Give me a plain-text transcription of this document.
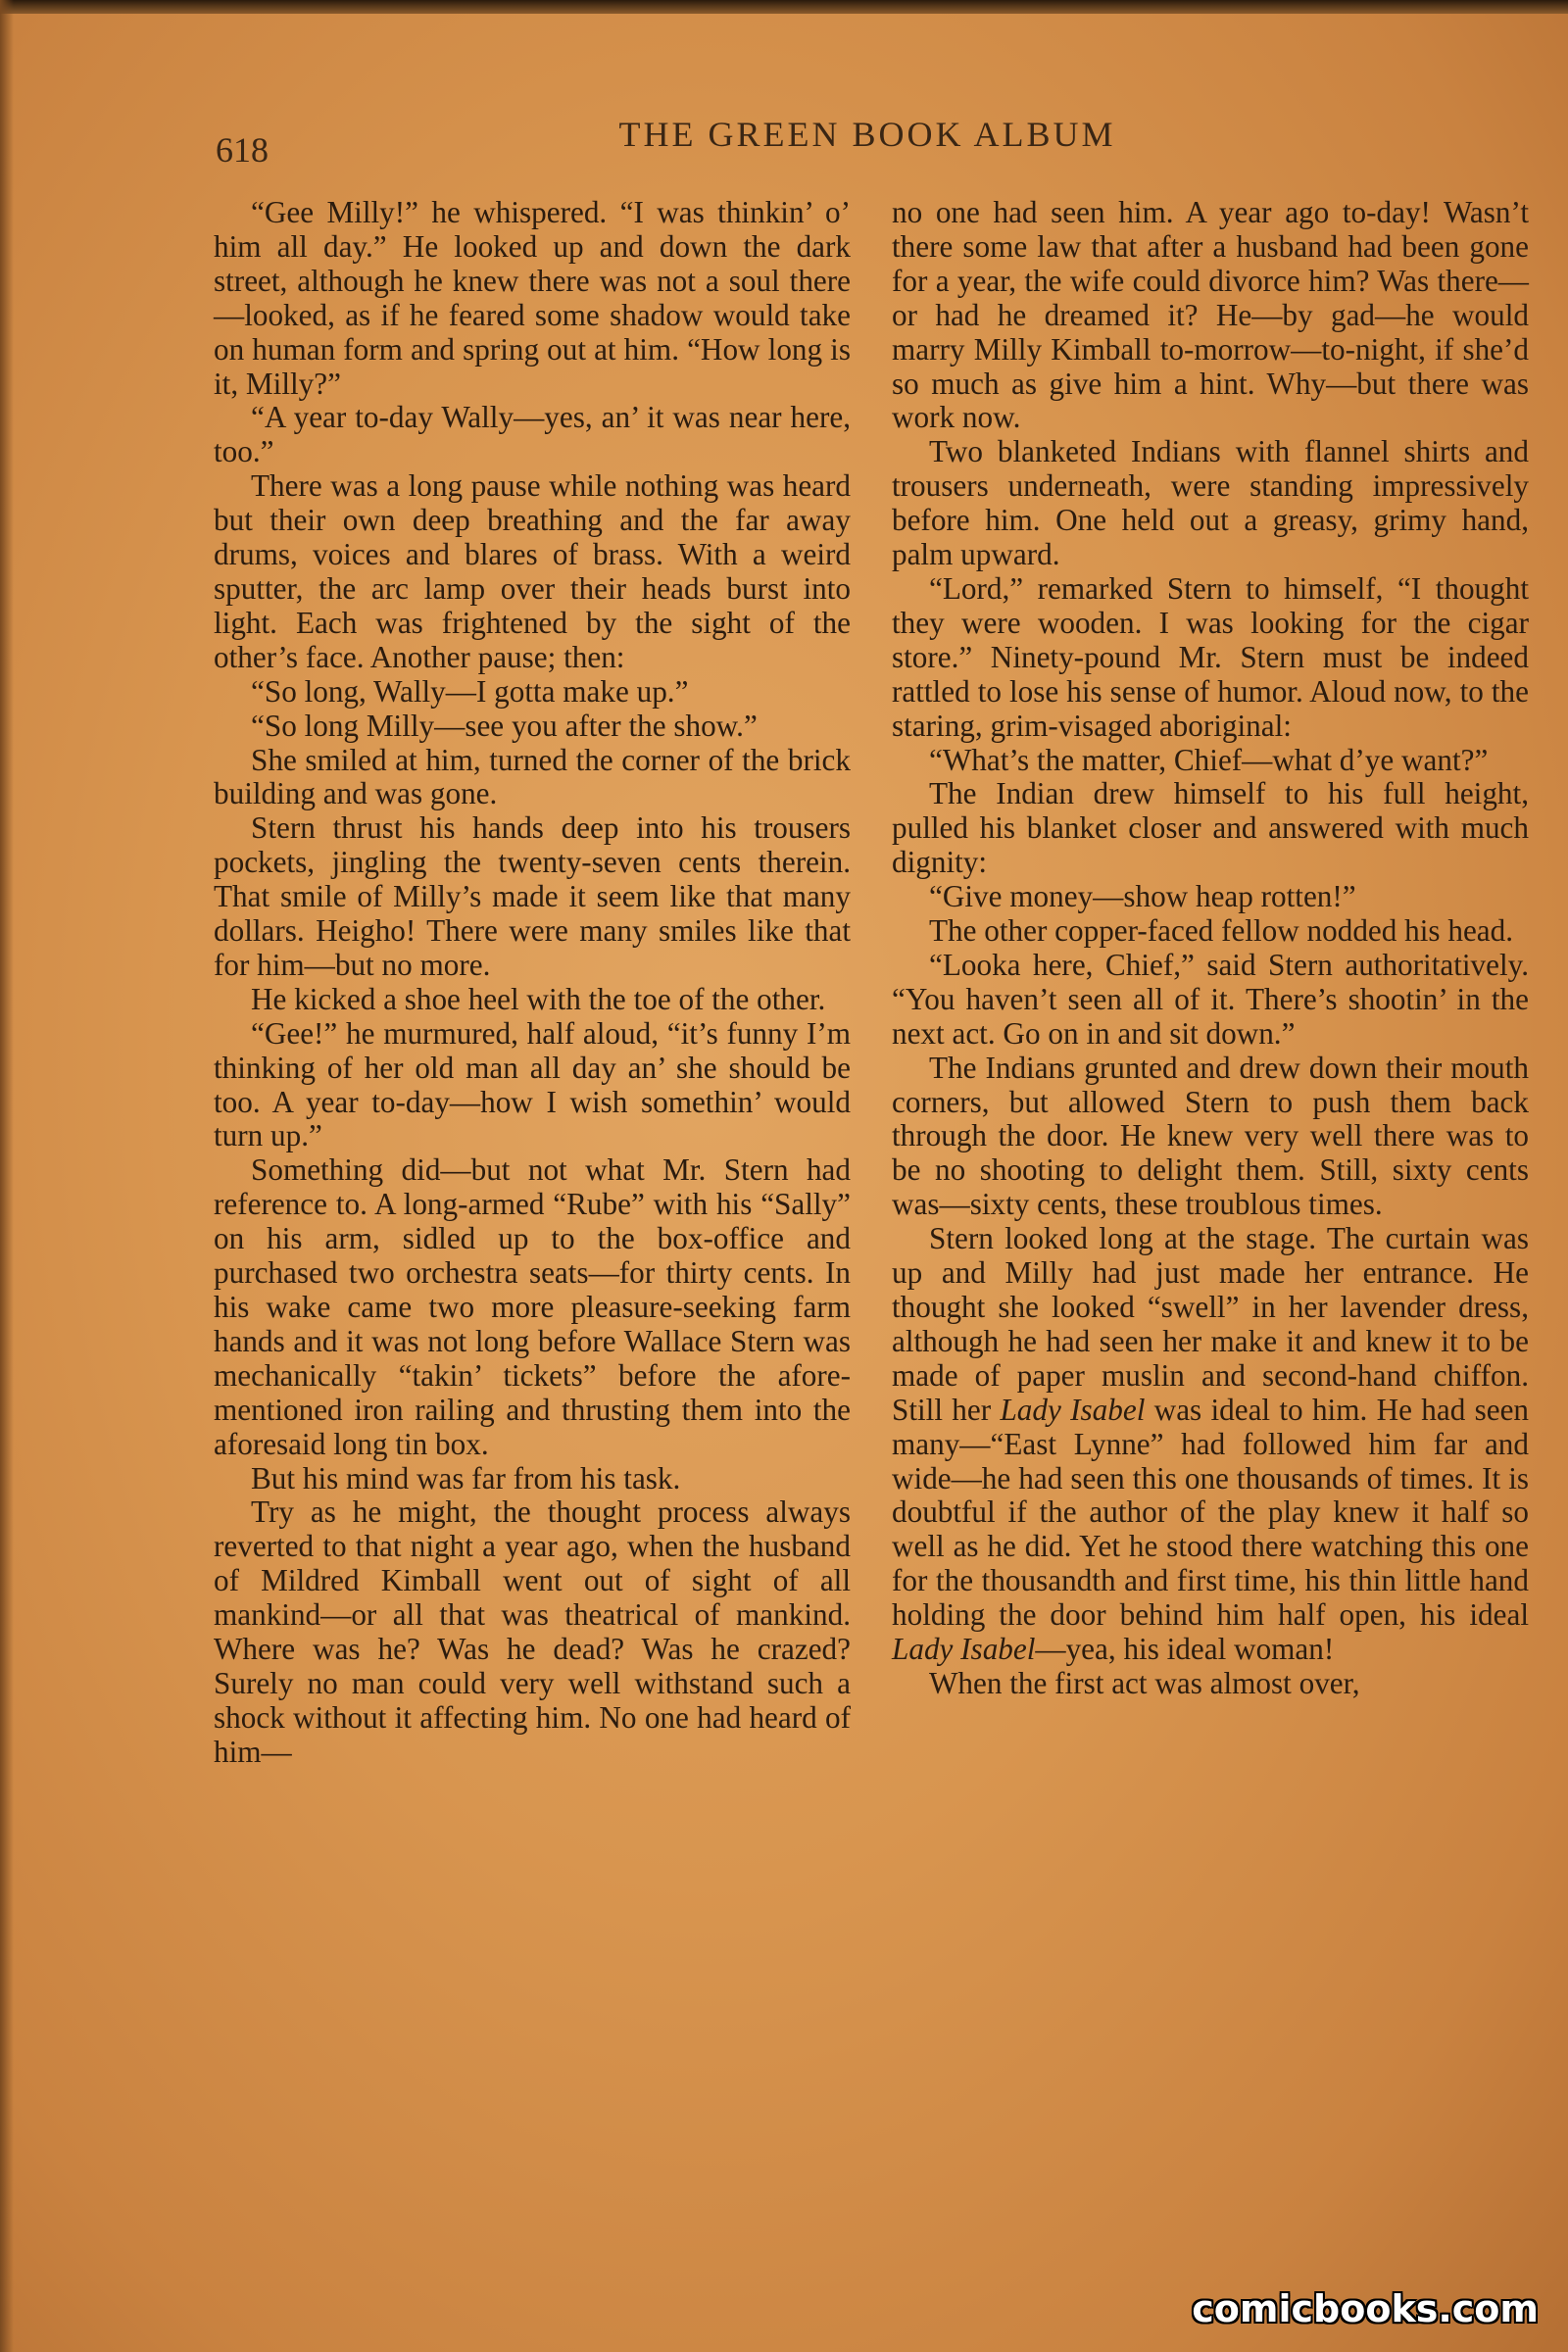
618	THE GREEN BOOK ALBUM

“Gee Milly!” he whispered. “I was thinkin’ o’ him all day.” He looked up and down the dark street, although he knew there was not a soul there—looked, as if he feared some shadow would take on human form and spring out at him. “How long is it, Milly?”

“A year to-day Wally—yes, an’ it was near here, too.”

There was a long pause while nothing was heard but their own deep breathing and the far away drums, voices and blares of brass. With a weird sputter, the arc lamp over their heads burst into light. Each was frightened by the sight of the other’s face. Another pause; then:

“So long, Wally—I gotta make up.”

“So long Milly—see you after the show.”

She smiled at him, turned the corner of the brick building and was gone.

Stern thrust his hands deep into his trousers pockets, jingling the twenty-seven cents therein. That smile of Milly’s made it seem like that many dollars. Heigho! There were many smiles like that for him—but no more.

He kicked a shoe heel with the toe of the other.

“Gee!” he murmured, half aloud, “it’s funny I’m thinking of her old man all day an’ she should be too. A year to-day—how I wish somethin’ would turn up.”

Something did—but not what Mr. Stern had reference to. A long-armed “Rube” with his “Sally” on his arm, sidled up to the box-office and purchased two orchestra seats—for thirty cents. In his wake came two more pleasure-seeking farm hands and it was not long before Wallace Stern was mechanically “takin’ tickets” before the afore-mentioned iron railing and thrusting them into the aforesaid long tin box.

But his mind was far from his task.

Try as he might, the thought process always reverted to that night a year ago, when the husband of Mildred Kimball went out of sight of all mankind—or all that was theatrical of mankind. Where was he? Was he dead? Was he crazed? Surely no man could very well withstand such a shock without it affecting him. No one had heard of him—

no one had seen him. A year ago to-day! Wasn’t there some law that after a husband had been gone for a year, the wife could divorce him? Was there—or had he dreamed it? He—by gad—he would marry Milly Kimball to-morrow—to-night, if she’d so much as give him a hint. Why—but there was work now.

Two blanketed Indians with flannel shirts and trousers underneath, were standing impressively before him. One held out a greasy, grimy hand, palm upward.

“Lord,” remarked Stern to himself, “I thought they were wooden. I was looking for the cigar store.” Ninety-pound Mr. Stern must be indeed rattled to lose his sense of humor. Aloud now, to the staring, grim-visaged aboriginal:

“What’s the matter, Chief—what d’ye want?”

The Indian drew himself to his full height, pulled his blanket closer and answered with much dignity:

“Give money—show heap rotten!”

The other copper-faced fellow nodded his head.

“Looka here, Chief,” said Stern authoritatively. “You haven’t seen all of it. There’s shootin’ in the next act. Go on in and sit down.”

The Indians grunted and drew down their mouth corners, but allowed Stern to push them back through the door. He knew very well there was to be no shooting to delight them. Still, sixty cents was—sixty cents, these troublous times.

Stern looked long at the stage. The curtain was up and Milly had just made her entrance. He thought she looked “swell” in her lavender dress, although he had seen her make it and knew it to be made of paper muslin and second-hand chiffon. Still her Lady Isabel was ideal to him. He had seen many—“East Lynne” had followed him far and wide—he had seen this one thousands of times. It is doubtful if the author of the play knew it half so well as he did. Yet he stood there watching this one for the thousandth and first time, his thin little hand holding the door behind him half open, his ideal Lady Isabel—yea, his ideal woman!

When the first act was almost over,

comicbooks.com
